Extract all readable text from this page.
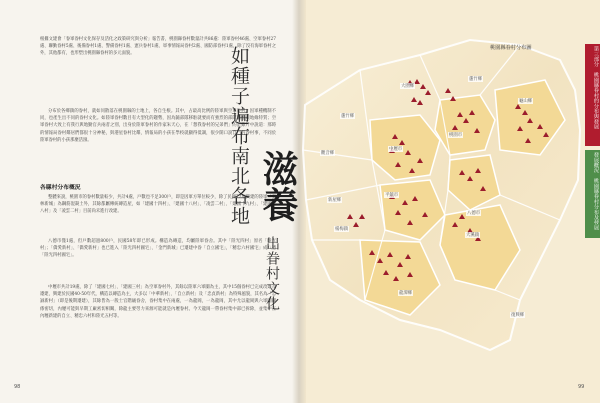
根據文建會「眷軍眷村文化保存及活化之政策研究與分析」報告書，桃園縣眷村數量計共86處：陸軍眷村46處、空軍眷村27處、聯勤眷村5處、後備眷村1處、警備眷村1處、憲兵眷村1處、軍事情報局眷村2處、國防部眷村1處，除了沒有海軍眷村之外，其他都有，也形塑出桃園縣眷村的多元面貌。
分布於各鄉鎮的眷村，就如同散落在桃園縣的土地上，各自生根。其中，占最高比例的陸軍與空軍眷村，因軍種機制不同，也產生出不同的眷村文化。如陸軍眷村數目有大型化的趨勢，因為隨部隊移駐就要而有強烈的部隊屬性與地緣特質；空軍眷村大致上有我行與地勤官兵兩者之別，出身於陸軍眷村的作家朱天心，在「想我眷村的兄弟們」的記錄片中說道：那時的情報局眷村鄰居們都很十分神秘，與港星眷村比鄰，情報局的小孩在學校就顯得低調，很少開口說自己的眷村事，不同於陸軍眷村的小孩那麼活潑。
各縣村分布概況
整體來說，桃園市的眷村數量較少，共計4處，戶數也不足300戶，即是因軍方單位較少，除了民國72年興建的陸軍「雲林新城」為鋼筋混凝土外，其餘都屬傳統磚造屋，如「建國十四村」、「建國十八村」、「凌雲二村」、「建國十九村」、「建國十八村」及「凌雲二村」目前尚未進行改建。
八德市僅1處，但戶數超過800戶，民國58年即已形成。構造為磚造，均屬陸軍眷舍。其中「陸光四村」原名「陸光村」；「僑愛新村」、「僑愛新村」也已進入「陸光四村國宅」、「金門新城」已遷建中眷「自立國宅」，「精忠六村國宅」成八德「陸光四村國宅」。
中壢市共計19處，除了「建國七村」、「建國三村」為空軍眷村外，其餘以陸軍六軍團為主，其中15個眷村已完成改建及遷建，興建於民國40-50年代，構造以磚造為主，大多以「中華新村」、「自立新村」及「忠貞新村」為特殊風貌，其名為「忠誠新村」（即是後期遷建），其餘皆為一般士官階級眷舍，眷村集中在兩處，一為龍岡，一為龍岡，其中尤以龍岡與六軍團關係密切，內壢可能與早期工廠密切相關，除龍主要勞力來源可能就是內壢眷村。今天龍岡一帶眷村集中部已拆除，並集中在內壢新建的自立、精忠六村和陸光五村等。
98
桃園縣眷村分布圖
蘆竹鄉
大園鄉
桃園市
龜山鄉
蘆竹鄉
觀音鄉
中壢市
新屋鄉
楊梅鎮
平鎮市
八德市
大溪鎮
龍潭鄉
復興鄉
如種子遍布南北各地 滋養
出眷村文化
第三部分　桃園縣眷村的分布與發展
發展概況　桃園縣眷村分布及發展
99
